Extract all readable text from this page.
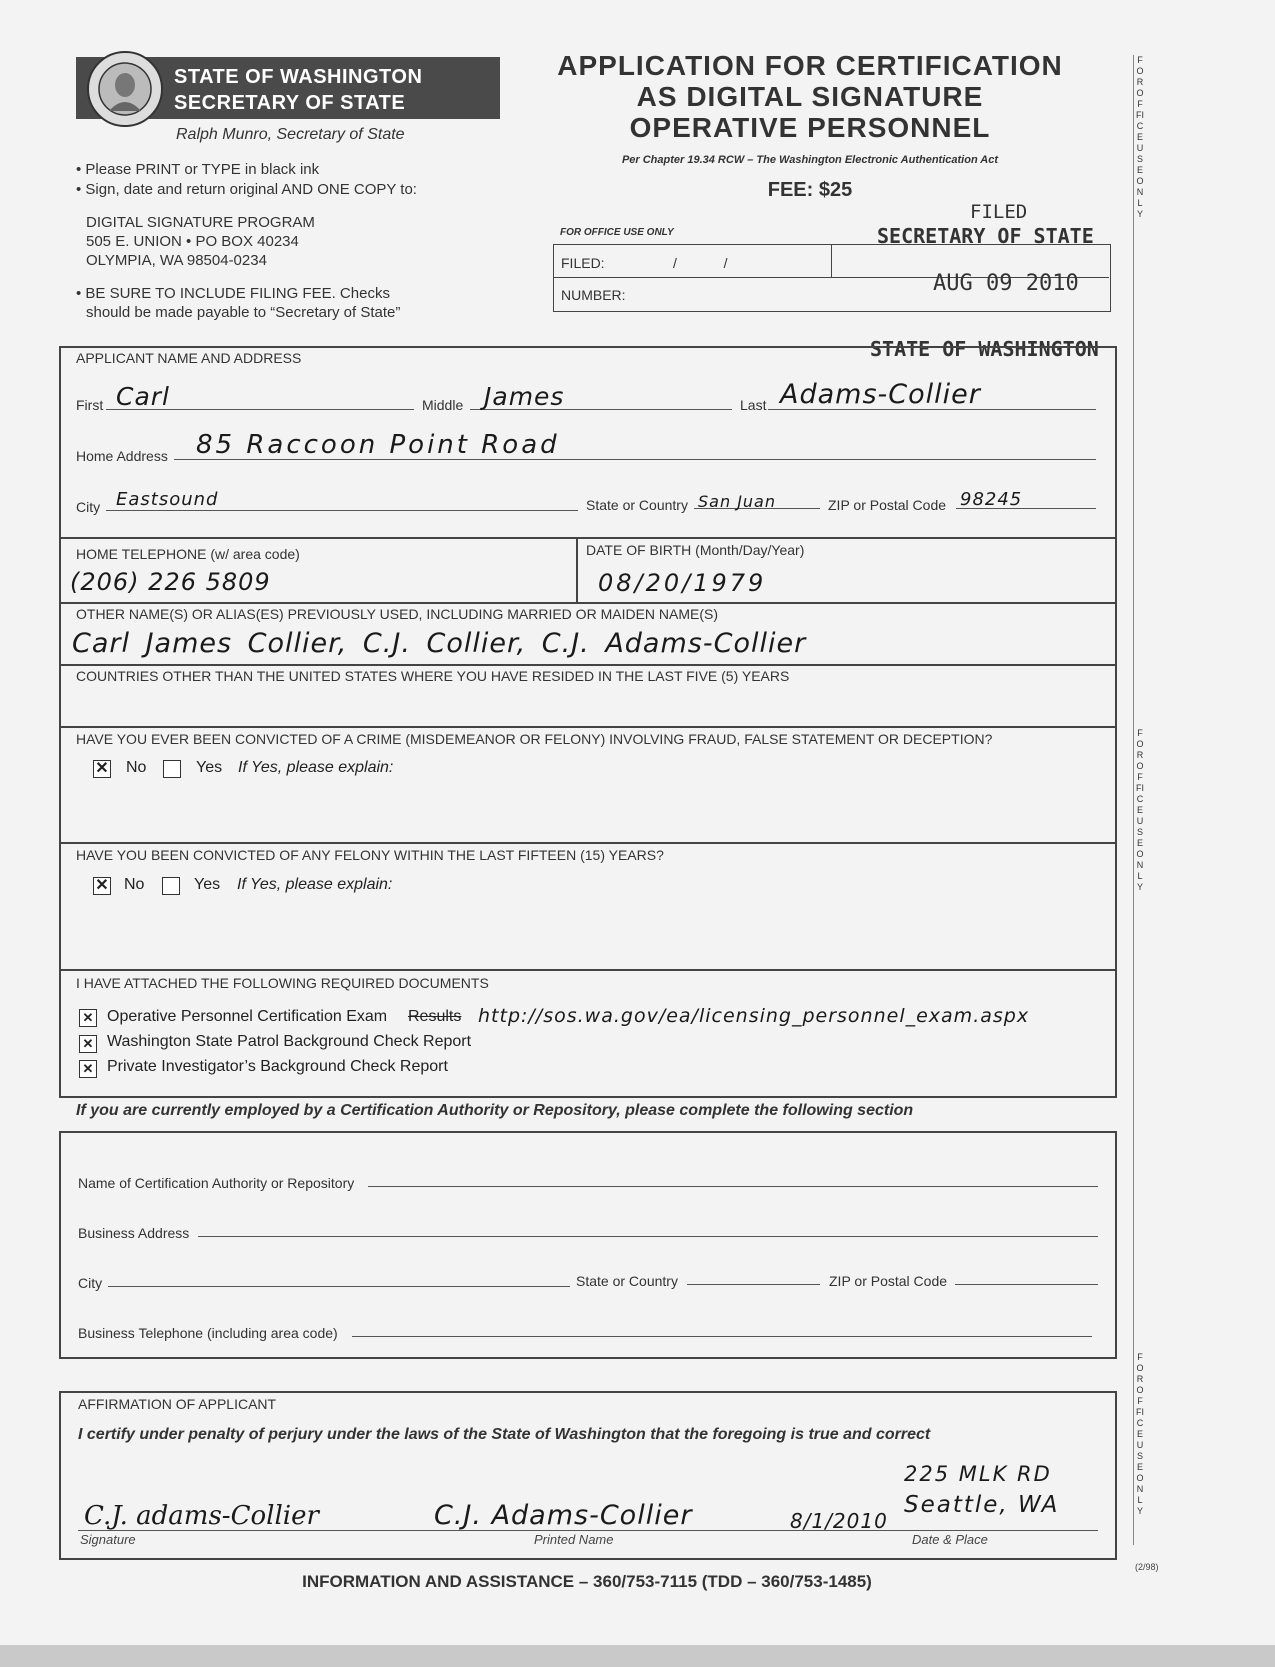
STATE OF WASHINGTON
SECRETARY OF STATE
Ralph Munro, Secretary of State
APPLICATION FOR CERTIFICATION
AS DIGITAL SIGNATURE
OPERATIVE PERSONNEL
Per Chapter 19.34 RCW – The Washington Electronic Authentication Act
FEE: $25
• Please PRINT or TYPE in black ink
• Sign, date and return original AND ONE COPY to:
DIGITAL SIGNATURE PROGRAM
505 E. UNION • PO BOX 40234
OLYMPIA, WA 98504-0234
• BE SURE TO INCLUDE FILING FEE. Checks
should be made payable to “Secretary of State”
FOR OFFICE USE ONLY
FILED:	/            /
NUMBER:
FILED
SECRETARY OF STATE
AUG 09 2010
STATE OF WASHINGTON
FOROFFICEUSEONLY
FOROFFICEUSEONLY
FOROFFICEUSEONLY
APPLICANT NAME AND ADDRESS
First Carl	Middle James	Last Adams-Collier
Home Address 85 Raccoon Point Road
City Eastsound	State or Country San Juan	ZIP or Postal Code 98245
HOME TELEPHONE (w/ area code)
(206) 226 5809
DATE OF BIRTH (Month/Day/Year)
08/20/1979
OTHER NAME(S) OR ALIAS(ES) PREVIOUSLY USED, INCLUDING MARRIED OR MAIDEN NAME(S)
Carl James Collier, C.J. Collier, C.J. Adams-Collier
COUNTRIES OTHER THAN THE UNITED STATES WHERE YOU HAVE RESIDED IN THE LAST FIVE (5) YEARS
HAVE YOU EVER BEEN CONVICTED OF A CRIME (MISDEMEANOR OR FELONY) INVOLVING FRAUD, FALSE STATEMENT OR DECEPTION?
✕ No	Yes If Yes, please explain:
HAVE YOU BEEN CONVICTED OF ANY FELONY WITHIN THE LAST FIFTEEN (15) YEARS?
✕ No	Yes If Yes, please explain:
I HAVE ATTACHED THE FOLLOWING REQUIRED DOCUMENTS
✕ Operative Personnel Certification Exam Results http://sos.wa.gov/ea/licensing_personnel_exam.aspx
✕ Washington State Patrol Background Check Report
✕ Private Investigator’s Background Check Report
If you are currently employed by a Certification Authority or Repository, please complete the following section
Name of Certification Authority or Repository
Business Address
City	State or Country	ZIP or Postal Code
Business Telephone (including area code)
AFFIRMATION OF APPLICANT
I certify under penalty of perjury under the laws of the State of Washington that the foregoing is true and correct
C.J. adams-Collier	C.J. Adams-Collier	8/1/2010
225 MLK RD
Seattle, WA
Signature	Printed Name	Date & Place
(2/98)
INFORMATION AND ASSISTANCE – 360/753-7115 (TDD – 360/753-1485)
